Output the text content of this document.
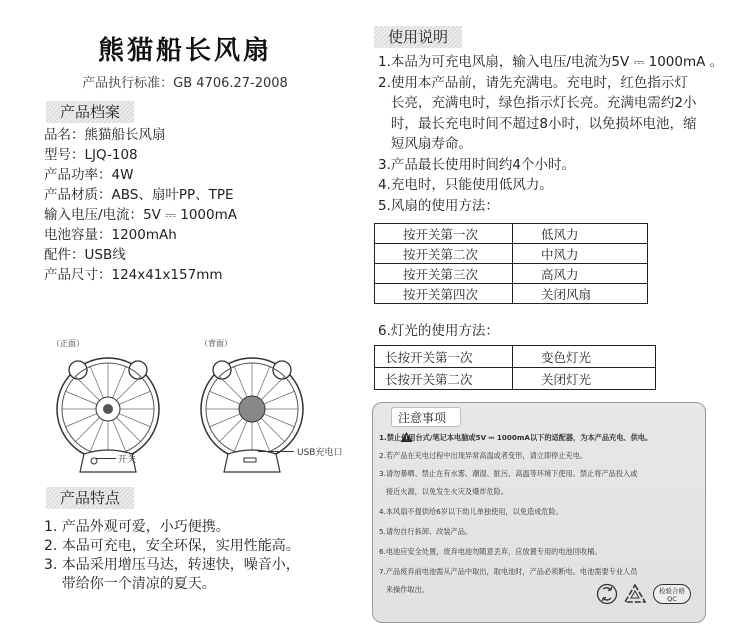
熊猫船长风扇
产品执行标准：GB 4706.27-2008
产品档案
品名：熊猫船长风扇
型号：LJQ-108
产品功率：4W
产品材质：ABS、扇叶PP、TPE
输入电压/电流：5V ⎓ 1000mA
电池容量：1200mAh
配件：USB线
产品尺寸：124x41x157mm
（正面）	（背面）
开关
USB充电口
产品特点
1. 产品外观可爱，小巧便携。
2. 本品可充电，安全环保，实用性能高。
3. 本品采用增压马达，转速快，噪音小，
带给你一个清凉的夏天。
使用说明
1.本品为可充电风扇，输入电压/电流为5V ⎓ 1000mA 。
2.使用本产品前，请先充满电。充电时，红色指示灯
长亮，充满电时，绿色指示灯长亮。充满电需约2小
时，最长充电时间不超过8小时，以免损坏电池，缩
短风扇寿命。
3.产品最长使用时间约4个小时。
4.充电时，只能使用低风力。
5.风扇的使用方法：
按开关第一次	低风力
按开关第二次	中风力
按开关第三次	高风力
按开关第四次	关闭风扇
6.灯光的使用方法：
长按开关第一次	变色灯光
长按开关第二次	关闭灯光
注意事项
1.禁止使用台式/笔记本电脑或5V ⎓ 1000mA以下的适配器，为本产品充电、供电。
2.若产品在充电过程中出现异常高温或者变形，请立即停止充电。
3.请勿暴晒、禁止在有水雾、潮湿、脏污、高温等环境下使用。禁止将产品投入或
接近火源，以免发生火灾及爆炸危险。
4.本风扇不提供给6岁以下幼儿单独使用，以免造成危险。
5.请勿自行拆卸、改装产品。
6.电池应安全处置，废弃电池勿随意丢弃，应放置专用的电池回收桶。
7.产品废弃前电池需从产品中取出，取电池时，产品必须断电。电池需要专业人员
来操作取出。	检验合格 QC
